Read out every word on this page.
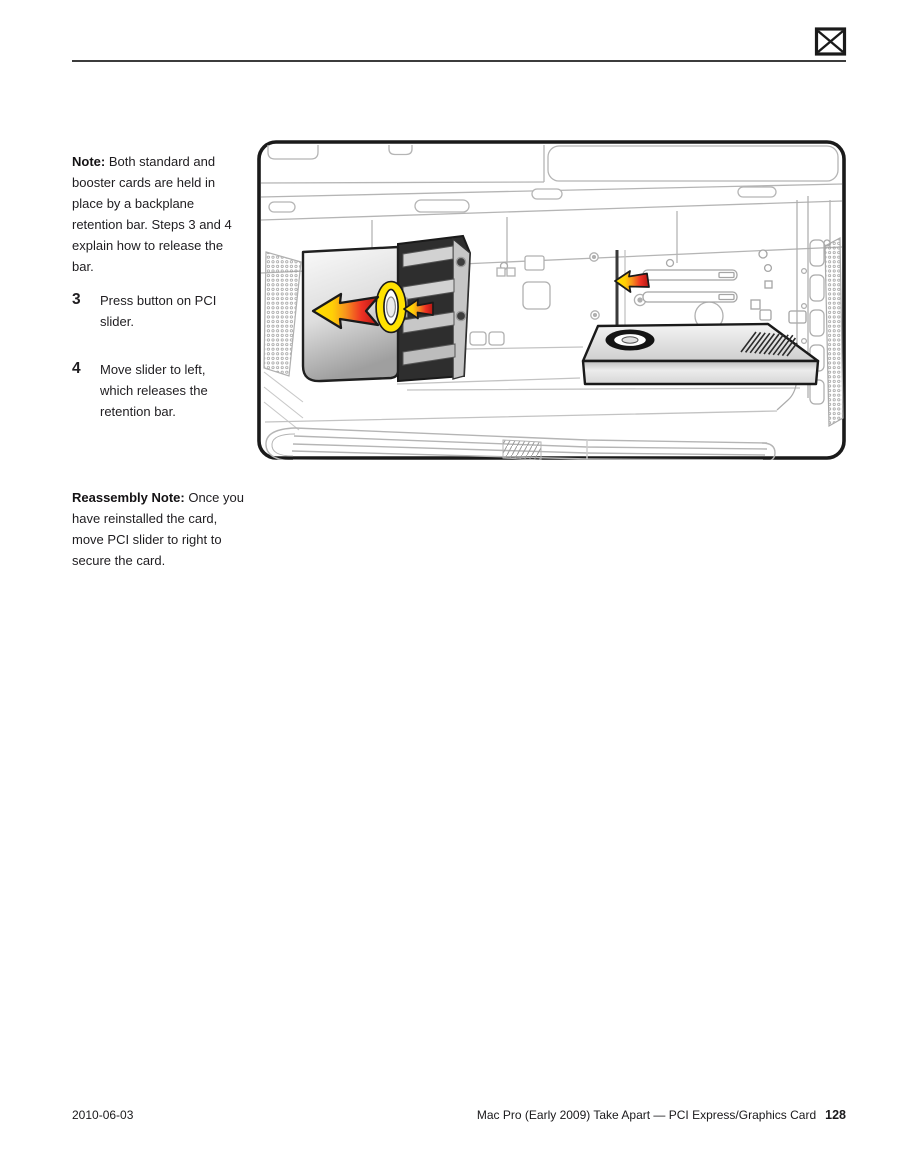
Note: Both standard and booster cards are held in place by a backplane retention bar. Steps 3 and 4 explain how to release the bar.

3	Press button on PCI slider.
4	Move slider to left, which releases the retention bar.

Reassembly Note: Once you have reinstalled the card, move PCI slider to right to secure the card.

2010-06-03	Mac Pro (Early 2009) Take Apart — PCI Express/Graphics Card 128
